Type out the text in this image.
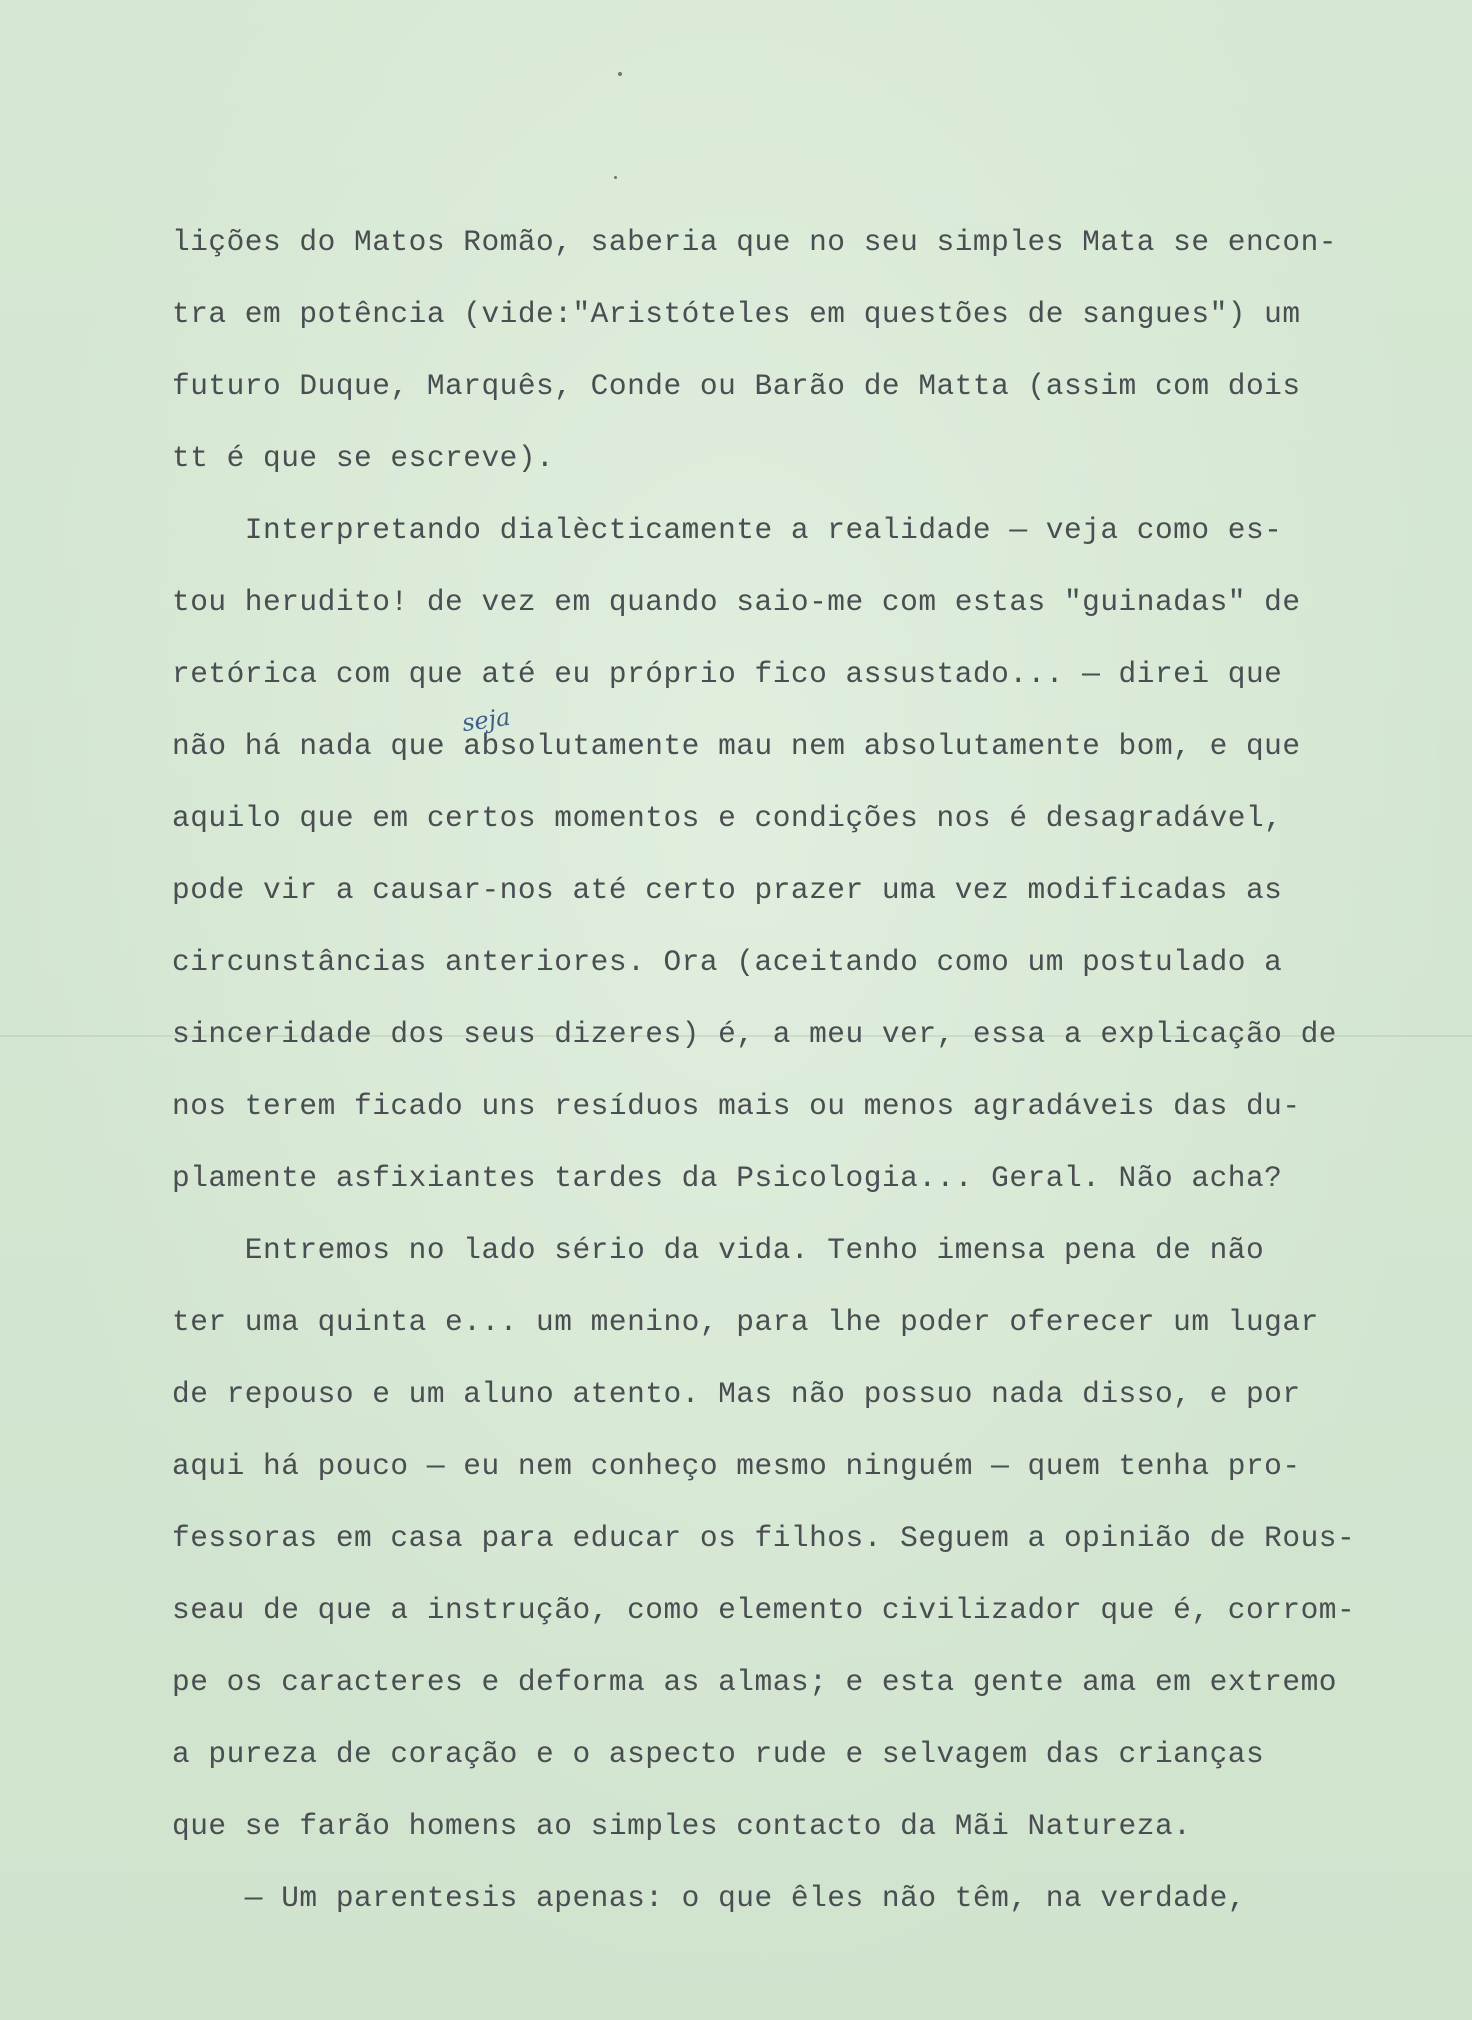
lições do Matos Romão, saberia que no seu simples Mata se encon-
tra em potência (vide:"Aristóteles em questões de sangues") um
futuro Duque, Marquês, Conde ou Barão de Matta (assim com dois
tt é que se escreve).
Interpretando dialècticamente a realidade — veja como es-
tou herudito! de vez em quando saio-me com estas "guinadas" de
retórica com que até eu próprio fico assustado... — direi que
não há nada que absolutamente mau nem absolutamente bom, e que
aquilo que em certos momentos e condições nos é desagradável,
pode vir a causar-nos até certo prazer uma vez modificadas as
circunstâncias anteriores. Ora (aceitando como um postulado a
sinceridade dos seus dizeres) é, a meu ver, essa a explicação de
nos terem ficado uns resíduos mais ou menos agradáveis das du-
plamente asfixiantes tardes da Psicologia... Geral. Não acha?
Entremos no lado sério da vida. Tenho imensa pena de não
ter uma quinta e... um menino, para lhe poder oferecer um lugar
de repouso e um aluno atento. Mas não possuo nada disso, e por
aqui há pouco — eu nem conheço mesmo ninguém — quem tenha pro-
fessoras em casa para educar os filhos. Seguem a opinião de Rous-
seau de que a instrução, como elemento civilizador que é, corrom-
pe os caracteres e deforma as almas; e esta gente ama em extremo
a pureza de coração e o aspecto rude e selvagem das crianças
que se farão homens ao simples contacto da Mãi Natureza.
— Um parentesis apenas: o que êles não têm, na verdade,
seja
